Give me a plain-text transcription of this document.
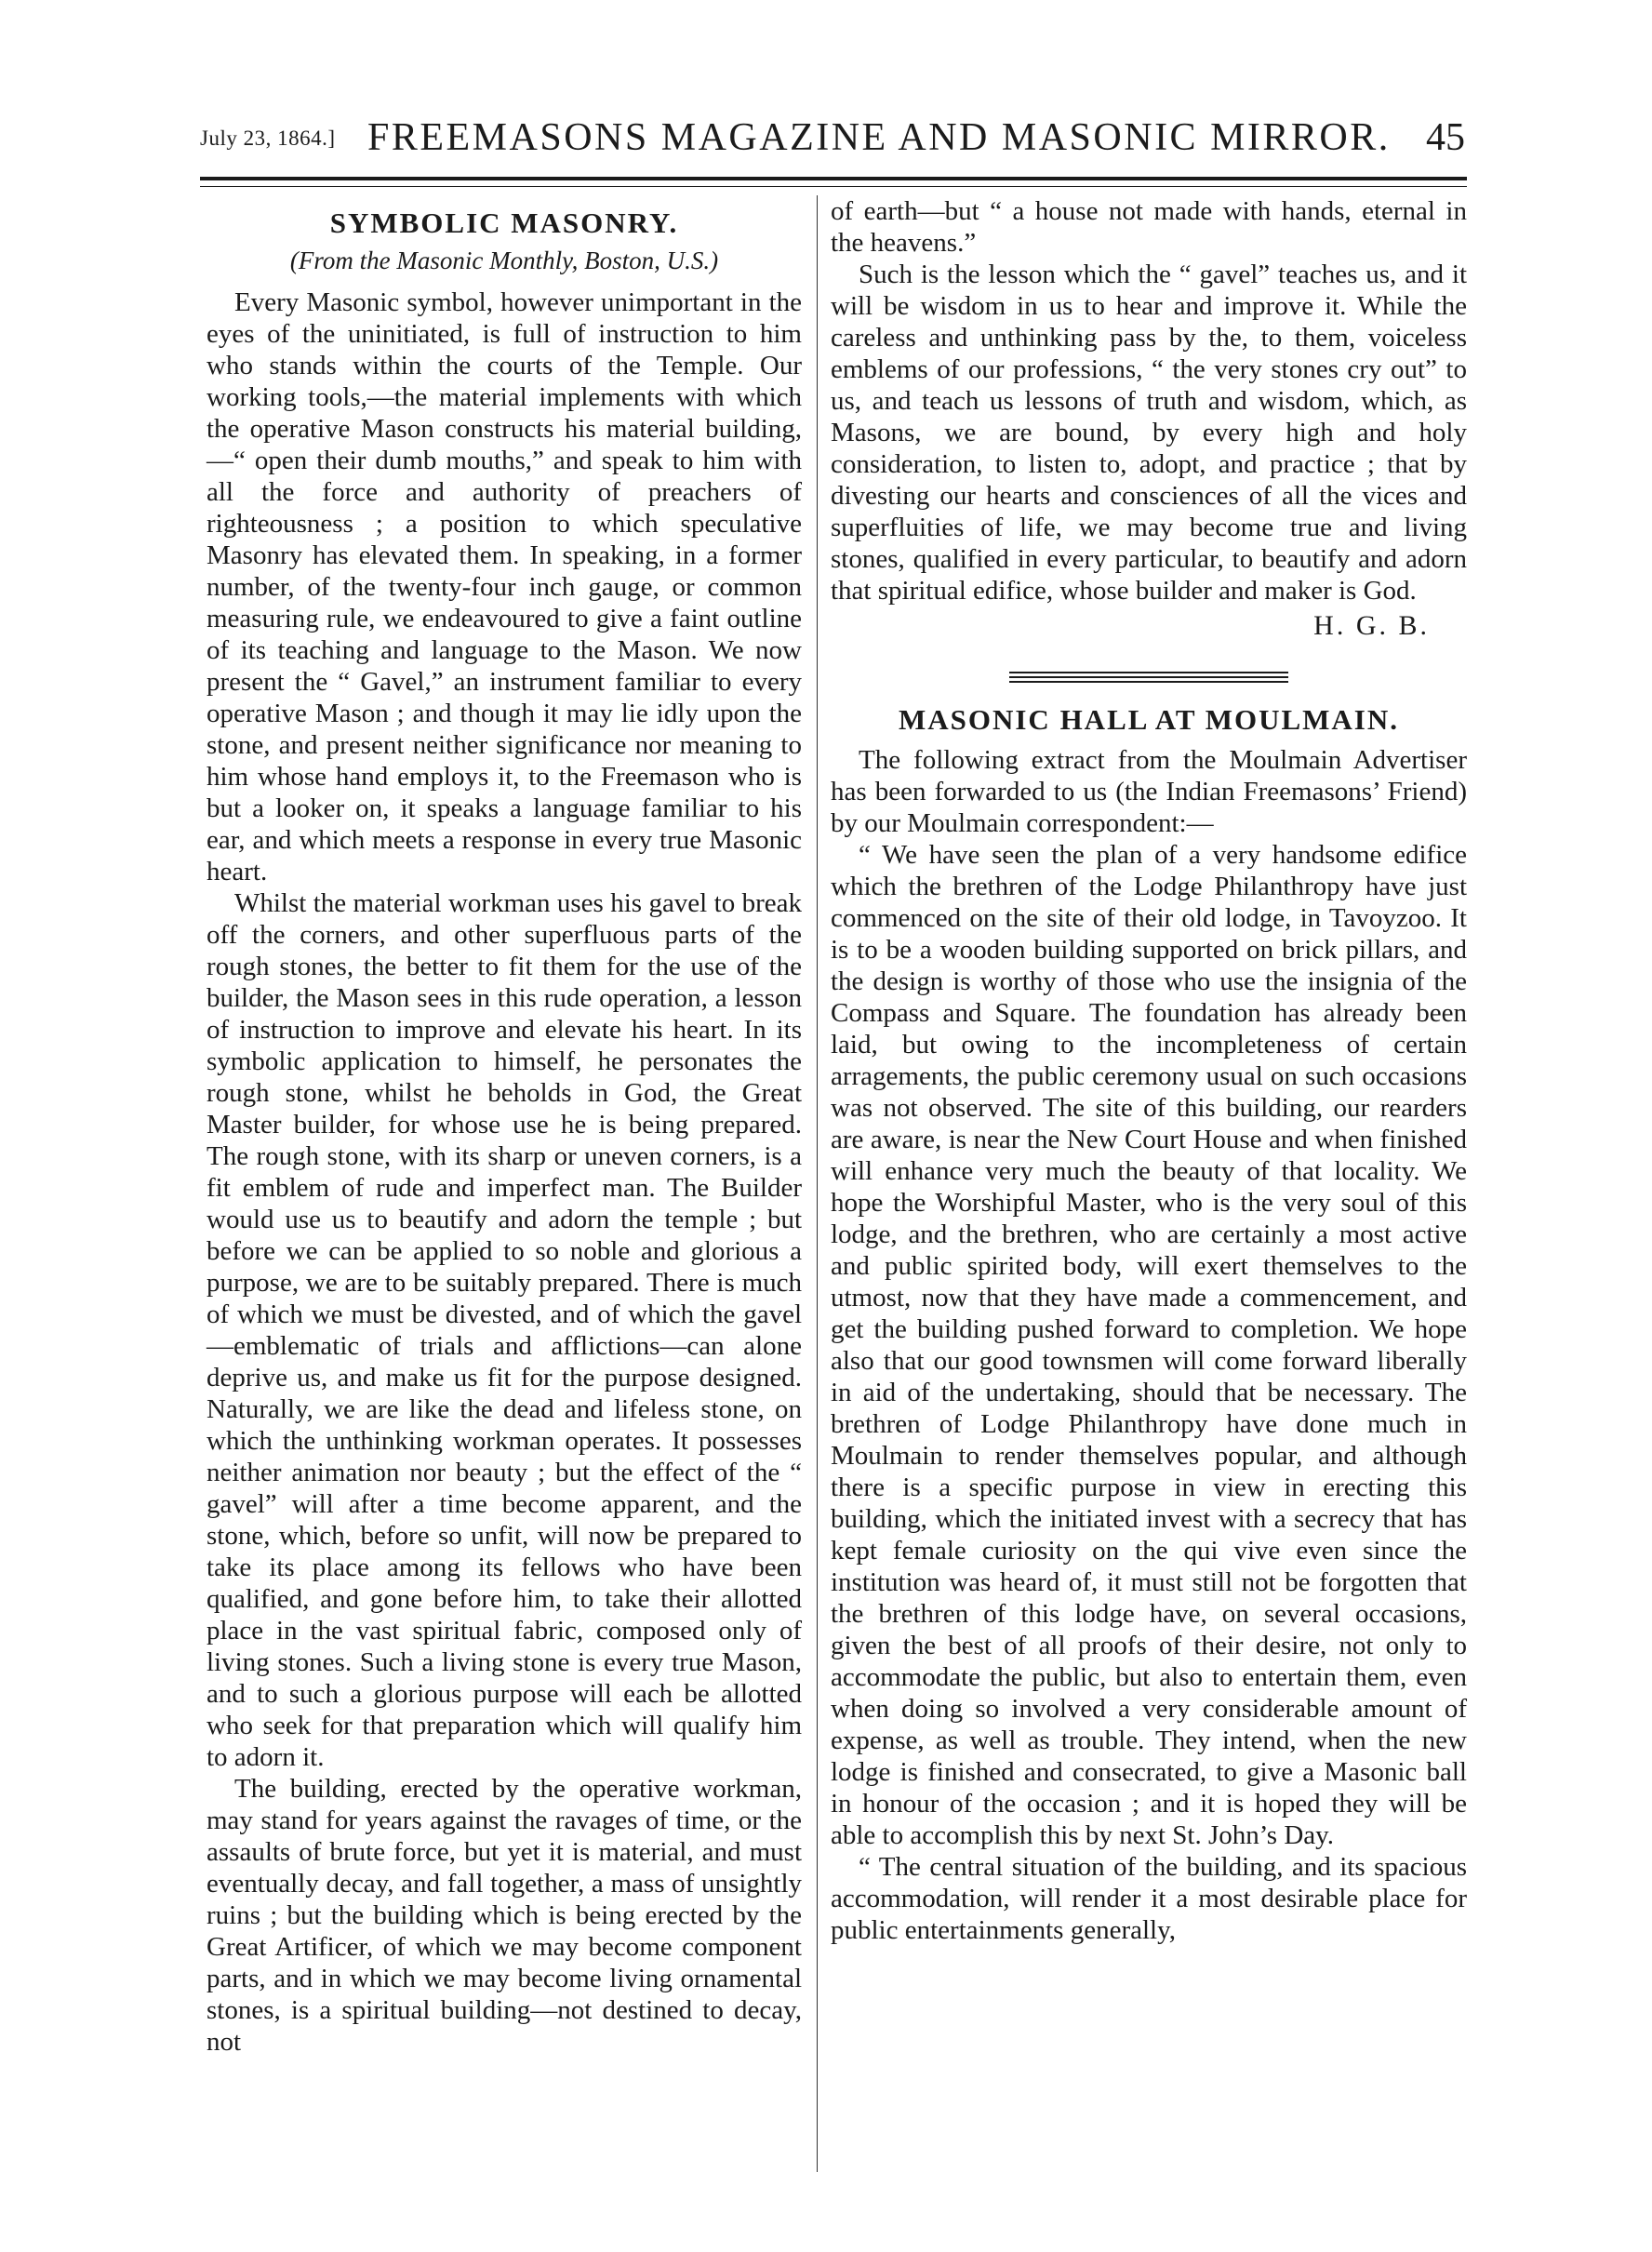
July 23, 1864.] FREEMASONS MAGAZINE AND MASONIC MIRROR. 45
SYMBOLIC MASONRY.
(From the Masonic Monthly, Boston, U.S.)

Every Masonic symbol, however unimportant in the eyes of the uninitiated, is full of instruction to him who stands within the courts of the Temple. Our working tools,—the material implements with which the operative Mason constructs his material building,—“ open their dumb mouths,” and speak to him with all the force and authority of preachers of righteousness ; a position to which speculative Masonry has elevated them. In speaking, in a former number, of the twenty-four inch gauge, or common measuring rule, we endeavoured to give a faint outline of its teaching and language to the Mason. We now present the “ Gavel,” an instrument familiar to every operative Mason ; and though it may lie idly upon the stone, and present neither significance nor meaning to him whose hand employs it, to the Freemason who is but a looker on, it speaks a language familiar to his ear, and which meets a response in every true Masonic heart.

Whilst the material workman uses his gavel to break off the corners, and other superfluous parts of the rough stones, the better to fit them for the use of the builder, the Mason sees in this rude operation, a lesson of instruction to improve and elevate his heart. In its symbolic application to himself, he personates the rough stone, whilst he beholds in God, the Great Master builder, for whose use he is being prepared. The rough stone, with its sharp or uneven corners, is a fit emblem of rude and imperfect man. The Builder would use us to beautify and adorn the temple ; but before we can be applied to so noble and glorious a purpose, we are to be suitably prepared. There is much of which we must be divested, and of which the gavel—emblematic of trials and afflictions—can alone deprive us, and make us fit for the purpose designed. Naturally, we are like the dead and lifeless stone, on which the unthinking workman operates. It possesses neither animation nor beauty ; but the effect of the “ gavel” will after a time become apparent, and the stone, which, before so unfit, will now be prepared to take its place among its fellows who have been qualified, and gone before him, to take their allotted place in the vast spiritual fabric, composed only of living stones. Such a living stone is every true Mason, and to such a glorious purpose will each be allotted who seek for that preparation which will qualify him to adorn it.

The building, erected by the operative workman, may stand for years against the ravages of time, or the assaults of brute force, but yet it is material, and must eventually decay, and fall together, a mass of unsightly ruins ; but the building which is being erected by the Great Artificer, of which we may become component parts, and in which we may become living ornamental stones, is a spiritual building—not destined to decay, not

of earth—but “ a house not made with hands, eternal in the heavens.”

Such is the lesson which the “ gavel” teaches us, and it will be wisdom in us to hear and improve it. While the careless and unthinking pass by the, to them, voiceless emblems of our professions, “ the very stones cry out” to us, and teach us lessons of truth and wisdom, which, as Masons, we are bound, by every high and holy consideration, to listen to, adopt, and practice ; that by divesting our hearts and consciences of all the vices and superfluities of life, we may become true and living stones, qualified in every particular, to beautify and adorn that spiritual edifice, whose builder and maker is God.

H. G. B.
MASONIC HALL AT MOULMAIN.

The following extract from the Moulmain Advertiser has been forwarded to us (the Indian Freemasons’ Friend) by our Moulmain correspondent:—

“ We have seen the plan of a very handsome edifice which the brethren of the Lodge Philanthropy have just commenced on the site of their old lodge, in Tavoyzoo. It is to be a wooden building supported on brick pillars, and the design is worthy of those who use the insignia of the Compass and Square. The foundation has already been laid, but owing to the incompleteness of certain arragements, the public ceremony usual on such occasions was not observed. The site of this building, our rearders are aware, is near the New Court House and when finished will enhance very much the beauty of that locality. We hope the Worshipful Master, who is the very soul of this lodge, and the brethren, who are certainly a most active and public spirited body, will exert themselves to the utmost, now that they have made a commencement, and get the building pushed forward to completion. We hope also that our good townsmen will come forward liberally in aid of the undertaking, should that be necessary. The brethren of Lodge Philanthropy have done much in Moulmain to render themselves popular, and although there is a specific purpose in view in erecting this building, which the initiated invest with a secrecy that has kept female curiosity on the qui vive even since the institution was heard of, it must still not be forgotten that the brethren of this lodge have, on several occasions, given the best of all proofs of their desire, not only to accommodate the public, but also to entertain them, even when doing so involved a very considerable amount of expense, as well as trouble. They intend, when the new lodge is finished and consecrated, to give a Masonic ball in honour of the occasion ; and it is hoped they will be able to accomplish this by next St. John’s Day.

“ The central situation of the building, and its spacious accommodation, will render it a most desirable place for public entertainments generally,
